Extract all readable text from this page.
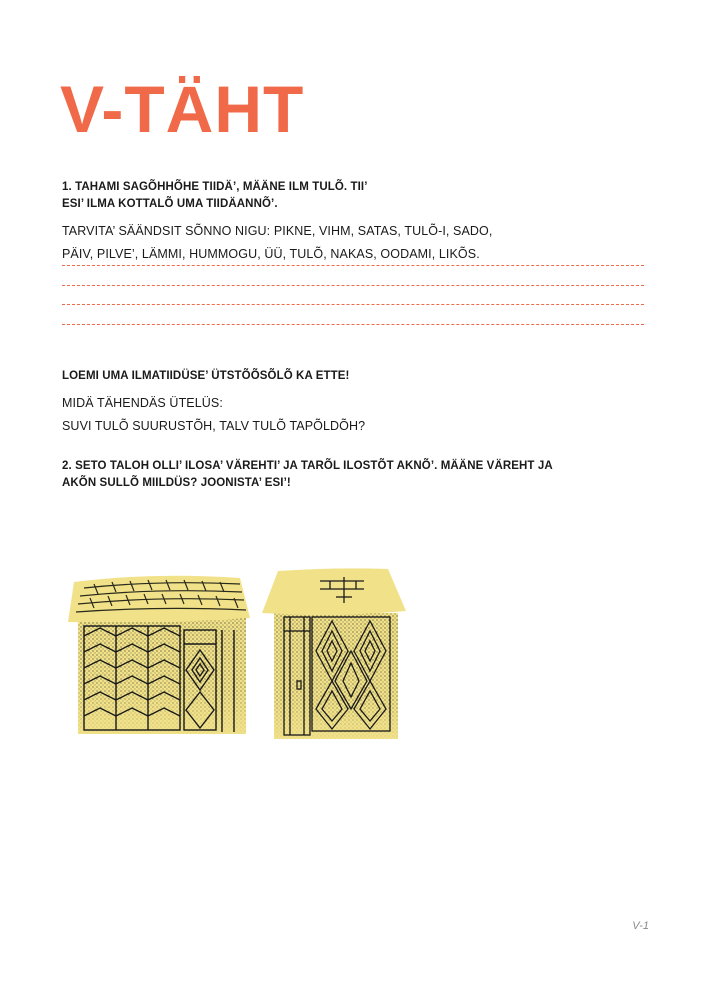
V-TÄHT
1. TAHAMI SAGÕHHÕHE TIIDÄ’, MÄÄNE ILM TULÕ. TII’
ESI’ ILMA KOTTALÕ UMA TIIDÄANNÕ’.
TARVITA’ SÄÄNDSIT SÕNNO NIGU: PIKNE, VIHM, SATAS, TULÕ-I, SADO,
PÄIV, PILVE’, LÄMMI, HUMMOGU, ÜÜ, TULÕ, NAKAS, OODAMI, LIKÕS.
LOEMI UMA ILMATIIDÜSE’ ÜTSTÕÕSÕLÕ KA ETTE!
MIDÄ TÄHENDÄS ÜTELÜS:
SUVI TULÕ SUURUSTÕH, TALV TULÕ TAPÕLDÕH?
2. SETO TALOH OLLI’ ILOSA’ VÄREHTI’ JA TARÕL ILOSTÕT AKNÕ’. MÄÄNE VÄREHT JA
AKÕN SULLÕ MIILDÜS? JOONISTA’ ESI’!
V-1
